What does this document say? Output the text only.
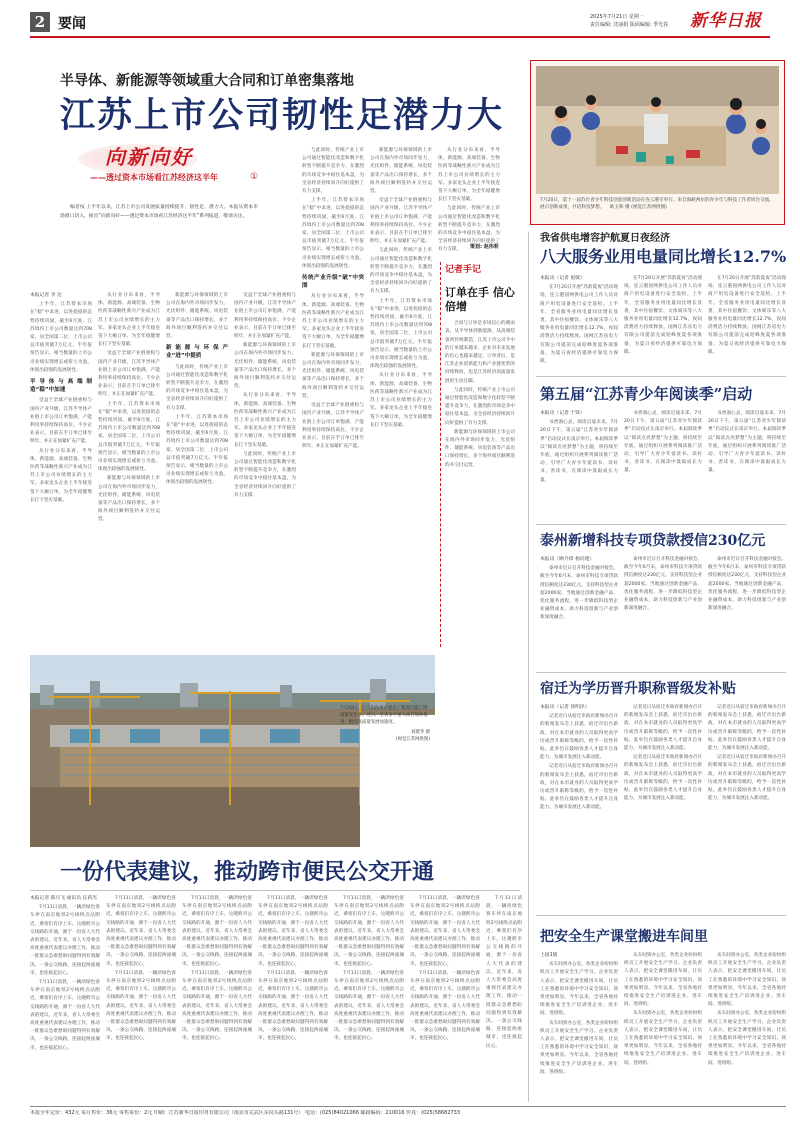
2 要闻	2025年7月21日 星期一
责任编辑: 沈丽娟 版面编辑: 季光春 新华日报
半导体、新能源等领域重大合同和订单密集落地
江苏上市公司韧性足潜力大
向新向好
——透过资本市场看江苏经济这半年	①

编者按 上半年以来，江苏上市公司发展质量持续提升，韧性足、潜力大。本报从资本市场窗口切入，推出“向新向好——透过资本市场看江苏经济这半年”系列报道，敬请关注。

本报记者 李 达

上半年，江苏资本市场在“稳”中求进，以进促稳的态势持续巩固。截至6月底，江苏境内上市公司数量达到708家，居全国第二位，上市公司总市值突破7万亿元。半年报预告显示，相当数量的上市公司业绩实现增长或扭亏为盈，体现出较强的发展韧性。

半导体与高端制造“稳”中加速

受益于全球产业链重构与国内产业升级，江苏半导体产业链上市公司订单饱满，产能利用率持续保持高位。不少企业表示，目前在手订单已排至明年，并正在加紧扩充产能。

从行业分布来看，半导体、新能源、高端装备、生物医药等战略性新兴产业成为江苏上市公司业绩增长的主力军。多家龙头企业上半年接连签下大额订单，为全年稳健增长打下坚实基础。

从行业分布来看，半导体、新能源、高端装备、生物医药等战略性新兴产业成为江苏上市公司业绩增长的主力军。多家龙头企业上半年接连签下大额订单，为全年稳健增长打下坚实基础。

受益于全球产业链重构与国内产业升级，江苏半导体产业链上市公司订单饱满，产能利用率持续保持高位。不少企业表示，目前在手订单已排至明年，并正在加紧扩充产能。

上半年，江苏资本市场在“稳”中求进，以进促稳的态势持续巩固。截至6月底，江苏境内上市公司数量达到708家，居全国第二位，上市公司总市值突破7万亿元。半年报预告显示，相当数量的上市公司业绩实现增长或扭亏为盈，体现出较强的发展韧性。

新能源与环保领域的上市公司在海内外市场同步发力，光伏组件、储能系统、风电装备等产品出口保持增长，多个海外项目顺利签约并交付运营。

新能源与环保领域的上市公司在海内外市场同步发力，光伏组件、储能系统、风电装备等产品出口保持增长，多个海外项目顺利签约并交付运营。

新能源与环保产业“进”中提质

与此同时，传统产业上市公司通过智能化改造和数字化转型不断提升竞争力，在激烈的市场竞争中稳住基本盘，为全省经济持续回升向好提供了有力支撑。

上半年，江苏资本市场在“稳”中求进，以进促稳的态势持续巩固。截至6月底，江苏境内上市公司数量达到708家，居全国第二位，上市公司总市值突破7万亿元。半年报预告显示，相当数量的上市公司业绩实现增长或扭亏为盈，体现出较强的发展韧性。

受益于全球产业链重构与国内产业升级，江苏半导体产业链上市公司订单饱满，产能利用率持续保持高位。不少企业表示，目前在手订单已排至明年，并正在加紧扩充产能。

新能源与环保领域的上市公司在海内外市场同步发力，光伏组件、储能系统、风电装备等产品出口保持增长，多个海外项目顺利签约并交付运营。

从行业分布来看，半导体、新能源、高端装备、生物医药等战略性新兴产业成为江苏上市公司业绩增长的主力军。多家龙头企业上半年接连签下大额订单，为全年稳健增长打下坚实基础。

与此同时，传统产业上市公司通过智能化改造和数字化转型不断提升竞争力，在激烈的市场竞争中稳住基本盘，为全省经济持续回升向好提供了有力支撑。

与此同时，传统产业上市公司通过智能化改造和数字化转型不断提升竞争力，在激烈的市场竞争中稳住基本盘，为全省经济持续回升向好提供了有力支撑。

上半年，江苏资本市场在“稳”中求进，以进促稳的态势持续巩固。截至6月底，江苏境内上市公司数量达到708家，居全国第二位，上市公司总市值突破7万亿元。半年报预告显示，相当数量的上市公司业绩实现增长或扭亏为盈，体现出较强的发展韧性。

传统产业升级“破”中突围

从行业分布来看，半导体、新能源、高端装备、生物医药等战略性新兴产业成为江苏上市公司业绩增长的主力军。多家龙头企业上半年接连签下大额订单，为全年稳健增长打下坚实基础。

新能源与环保领域的上市公司在海内外市场同步发力，光伏组件、储能系统、风电装备等产品出口保持增长，多个海外项目顺利签约并交付运营。

受益于全球产业链重构与国内产业升级，江苏半导体产业链上市公司订单饱满，产能利用率持续保持高位。不少企业表示，目前在手订单已排至明年，并正在加紧扩充产能。

新能源与环保领域的上市公司在海内外市场同步发力，光伏组件、储能系统、风电装备等产品出口保持增长，多个海外项目顺利签约并交付运营。

受益于全球产业链重构与国内产业升级，江苏半导体产业链上市公司订单饱满，产能利用率持续保持高位。不少企业表示，目前在手订单已排至明年，并正在加紧扩充产能。

与此同时，传统产业上市公司通过智能化改造和数字化转型不断提升竞争力，在激烈的市场竞争中稳住基本盘，为全省经济持续回升向好提供了有力支撑。

上半年，江苏资本市场在“稳”中求进，以进促稳的态势持续巩固。截至6月底，江苏境内上市公司数量达到708家，居全国第二位，上市公司总市值突破7万亿元。半年报预告显示，相当数量的上市公司业绩实现增长或扭亏为盈，体现出较强的发展韧性。

从行业分布来看，半导体、新能源、高端装备、生物医药等战略性新兴产业成为江苏上市公司业绩增长的主力军。多家龙头企业上半年接连签下大额订单，为全年稳健增长打下坚实基础。

从行业分布来看，半导体、新能源、高端装备、生物医药等战略性新兴产业成为江苏上市公司业绩增长的主力军。多家龙头企业上半年接连签下大额订单，为全年稳健增长打下坚实基础。

与此同时，传统产业上市公司通过智能化改造和数字化转型不断提升竞争力，在激烈的市场竞争中稳住基本盘，为全省经济持续回升向好提供了有力支撑。	策划: 赵伟莉
记者手记
订单在手 信心倍增

合同与订单是市场信心的晴雨表。从半导体到新能源，从高端装备到传统制造，江苏上市公司手中的订单越来越多，企业对未来发展的信心也越来越足。订单背后，是江苏企业创新能力和产业链优势的持续释放，也是江苏经济高质量发展的生动注脚。

与此同时，传统产业上市公司通过智能化改造和数字化转型不断提升竞争力，在激烈的市场竞争中稳住基本盘，为全省经济持续回升向好提供了有力支撑。

新能源与环保领域的上市公司在海内外市场同步发力，光伏组件、储能系统、风电装备等产品出口保持增长，多个海外项目顺利签约并交付运营。

7月20日，工人们在南京重点工程项目施工现场紧张作业。近日，全省多个重大项目加快推进，跑出高质量发展加速度。
刘建华 摄
(视觉江苏网供图)
7月20日，第十一届苏台青少年科技创意创新活动在连云港市举行。来自海峡两岸的青少年与科技工作者同台交流，展示创新成果，共话科技梦想。 耿玉和 摄 (视觉江苏网供图)
我省供电增容护航夏日夜经济
八大服务业用电量同比增长12.7%

本报讯（记者 倪敏）

在7月20日开展“苏韵夏夜”活动现场，连云港国网供电公司工作人员对商户用电设备进行安全巡检。上半年，全省服务业用电量同比增长显著，其中住宿餐饮、文体娱乐等八大服务业用电量同比增长12.7%，夜间消费活力持续释放。国网江苏省电力有限公司提前完成迎峰度夏各项准备，为夏日夜经济提供可靠电力保障。

在7月20日开展“苏韵夏夜”活动现场，连云港国网供电公司工作人员对商户用电设备进行安全巡检。上半年，全省服务业用电量同比增长显著，其中住宿餐饮、文体娱乐等八大服务业用电量同比增长12.7%，夜间消费活力持续释放。国网江苏省电力有限公司提前完成迎峰度夏各项准备，为夏日夜经济提供可靠电力保障。

在7月20日开展“苏韵夏夜”活动现场，连云港国网供电公司工作人员对商户用电设备进行安全巡检。上半年，全省服务业用电量同比增长显著，其中住宿餐饮、文体娱乐等八大服务业用电量同比增长12.7%，夜间消费活力持续释放。国网江苏省电力有限公司提前完成迎峰度夏各项准备，为夏日夜经济提供可靠电力保障。

第五届“江苏青少年阅读季”启动

本报讯（记者 于锋）

书香润心灵，阅读启迪未来。7月20日下午，第五届“江苏青少年阅读季”启动仪式在南京举行。本届阅读季以“阅读点亮梦想”为主题，将持续至年底，通过组织开展系列阅读推广活动，引导广大青少年爱读书、读好书、善读书，在阅读中汲取成长力量。

书香润心灵，阅读启迪未来。7月20日下午，第五届“江苏青少年阅读季”启动仪式在南京举行。本届阅读季以“阅读点亮梦想”为主题，将持续至年底，通过组织开展系列阅读推广活动，引导广大青少年爱读书、读好书、善读书，在阅读中汲取成长力量。

书香润心灵，阅读启迪未来。7月20日下午，第五届“江苏青少年阅读季”启动仪式在南京举行。本届阅读季以“阅读点亮梦想”为主题，将持续至年底，通过组织开展系列阅读推广活动，引导广大青少年爱读书、读好书、善读书，在阅读中汲取成长力量。

泰州新增科技专项贷款授信230亿元

本报讯（顾介锋 杨同建）

泰州市近日召开科技金融对接会。截至今年6月末，泰州市科技专项贷款授信额度达230亿元，支持科技型企业超2000家。当地通过创新金融产品、优化服务流程，进一步降低科技型企业融资成本，助力科技创新与产业创新深度融合。

泰州市近日召开科技金融对接会。截至今年6月末，泰州市科技专项贷款授信额度达230亿元，支持科技型企业超2000家。当地通过创新金融产品、优化服务流程，进一步降低科技型企业融资成本，助力科技创新与产业创新深度融合。

泰州市近日召开科技金融对接会。截至今年6月末，泰州市科技专项贷款授信额度达230亿元，支持科技型企业超2000家。当地通过创新金融产品、优化服务流程，进一步降低科技型企业融资成本，助力科技创新与产业创新深度融合。

宿迁为学历晋升职称晋级发补贴

本报讯（记者 徐明泽）

记者近日从宿迁市政府新闻办召开的新闻发布会上获悉，宿迁市出台新政，对在本市就业的人员取得更高学历或晋升职称等级的，给予一次性补贴。此举旨在鼓励各类人才提升自身能力，为城市发展注入新动能。

记者近日从宿迁市政府新闻办召开的新闻发布会上获悉，宿迁市出台新政，对在本市就业的人员取得更高学历或晋升职称等级的，给予一次性补贴。此举旨在鼓励各类人才提升自身能力，为城市发展注入新动能。

记者近日从宿迁市政府新闻办召开的新闻发布会上获悉，宿迁市出台新政，对在本市就业的人员取得更高学历或晋升职称等级的，给予一次性补贴。此举旨在鼓励各类人才提升自身能力，为城市发展注入新动能。

记者近日从宿迁市政府新闻办召开的新闻发布会上获悉，宿迁市出台新政，对在本市就业的人员取得更高学历或晋升职称等级的，给予一次性补贴。此举旨在鼓励各类人才提升自身能力，为城市发展注入新动能。

记者近日从宿迁市政府新闻办召开的新闻发布会上获悉，宿迁市出台新政，对在本市就业的人员取得更高学历或晋升职称等级的，给予一次性补贴。此举旨在鼓励各类人才提升自身能力，为城市发展注入新动能。

记者近日从宿迁市政府新闻办召开的新闻发布会上获悉，宿迁市出台新政，对在本市就业的人员取得更高学历或晋升职称等级的，给予一次性补贴。此举旨在鼓励各类人才提升自身能力，为城市发展注入新动能。

把安全生产课堂搬进车间里

上接1版

从车间到办公室，各类企业纷纷组织员工开展安全生产学习。企业负责人表示，把安全课堂搬进车间，让员工在熟悉的环境中学习安全知识，效果更加明显。今年以来，全省各地持续推进安全生产培训进企业、进车间、进班组。

从车间到办公室，各类企业纷纷组织员工开展安全生产学习。企业负责人表示，把安全课堂搬进车间，让员工在熟悉的环境中学习安全知识，效果更加明显。今年以来，全省各地持续推进安全生产培训进企业、进车间、进班组。

从车间到办公室，各类企业纷纷组织员工开展安全生产学习。企业负责人表示，把安全课堂搬进车间，让员工在熟悉的环境中学习安全知识，效果更加明显。今年以来，全省各地持续推进安全生产培训进企业、进车间、进班组。

从车间到办公室，各类企业纷纷组织员工开展安全生产学习。企业负责人表示，把安全课堂搬进车间，让员工在熟悉的环境中学习安全知识，效果更加明显。今年以来，全省各地持续推进安全生产培训进企业、进车间、进班组。

从车间到办公室，各类企业纷纷组织员工开展安全生产学习。企业负责人表示，把安全课堂搬进车间，让员工在熟悉的环境中学习安全知识，效果更加明显。今年以来，全省各地持续推进安全生产培训进企业、进车间、进班组。

从车间到办公室，各类企业纷纷组织员工开展安全生产学习。企业负责人表示，把安全课堂搬进车间，让员工在熟悉的环境中学习安全知识，效果更加明显。今年以来，全省各地持续推进安全生产培训进企业、进车间、进班组。

一份代表建议，推动跨市便民公交开通

本报记者 陈月飞 通讯员 任莉杰

7月11日清晨，一辆淡绿色客车停在南京地铁2号线终点站附近，乘客们有序上车。这趟跨市公交线路的开通，源于一份省人大代表的建议。近年来，省人大常委会高度重视代表建议办理工作，推动一批群众急难愁盼问题得到有效解决。一条公交线路，连接起两座城市，也连接起民心。

7月11日清晨，一辆淡绿色客车停在南京地铁2号线终点站附近，乘客们有序上车。这趟跨市公交线路的开通，源于一份省人大代表的建议。近年来，省人大常委会高度重视代表建议办理工作，推动一批群众急难愁盼问题得到有效解决。一条公交线路，连接起两座城市，也连接起民心。

7月11日清晨，一辆淡绿色客车停在南京地铁2号线终点站附近，乘客们有序上车。这趟跨市公交线路的开通，源于一份省人大代表的建议。近年来，省人大常委会高度重视代表建议办理工作，推动一批群众急难愁盼问题得到有效解决。一条公交线路，连接起两座城市，也连接起民心。

7月11日清晨，一辆淡绿色客车停在南京地铁2号线终点站附近，乘客们有序上车。这趟跨市公交线路的开通，源于一份省人大代表的建议。近年来，省人大常委会高度重视代表建议办理工作，推动一批群众急难愁盼问题得到有效解决。一条公交线路，连接起两座城市，也连接起民心。

7月11日清晨，一辆淡绿色客车停在南京地铁2号线终点站附近，乘客们有序上车。这趟跨市公交线路的开通，源于一份省人大代表的建议。近年来，省人大常委会高度重视代表建议办理工作，推动一批群众急难愁盼问题得到有效解决。一条公交线路，连接起两座城市，也连接起民心。

7月11日清晨，一辆淡绿色客车停在南京地铁2号线终点站附近，乘客们有序上车。这趟跨市公交线路的开通，源于一份省人大代表的建议。近年来，省人大常委会高度重视代表建议办理工作，推动一批群众急难愁盼问题得到有效解决。一条公交线路，连接起两座城市，也连接起民心。

7月11日清晨，一辆淡绿色客车停在南京地铁2号线终点站附近，乘客们有序上车。这趟跨市公交线路的开通，源于一份省人大代表的建议。近年来，省人大常委会高度重视代表建议办理工作，推动一批群众急难愁盼问题得到有效解决。一条公交线路，连接起两座城市，也连接起民心。

7月11日清晨，一辆淡绿色客车停在南京地铁2号线终点站附近，乘客们有序上车。这趟跨市公交线路的开通，源于一份省人大代表的建议。近年来，省人大常委会高度重视代表建议办理工作，推动一批群众急难愁盼问题得到有效解决。一条公交线路，连接起两座城市，也连接起民心。

7月11日清晨，一辆淡绿色客车停在南京地铁2号线终点站附近，乘客们有序上车。这趟跨市公交线路的开通，源于一份省人大代表的建议。近年来，省人大常委会高度重视代表建议办理工作，推动一批群众急难愁盼问题得到有效解决。一条公交线路，连接起两座城市，也连接起民心。

7月11日清晨，一辆淡绿色客车停在南京地铁2号线终点站附近，乘客们有序上车。这趟跨市公交线路的开通，源于一份省人大代表的建议。近年来，省人大常委会高度重视代表建议办理工作，推动一批群众急难愁盼问题得到有效解决。一条公交线路，连接起两座城市，也连接起民心。

7月11日清晨，一辆淡绿色客车停在南京地铁2号线终点站附近，乘客们有序上车。这趟跨市公交线路的开通，源于一份省人大代表的建议。近年来，省人大常委会高度重视代表建议办理工作，推动一批群众急难愁盼问题得到有效解决。一条公交线路，连接起两座城市，也连接起民心。

7月11日清晨，一辆淡绿色客车停在南京地铁2号线终点站附近，乘客们有序上车。这趟跨市公交线路的开通，源于一份省人大代表的建议。近年来，省人大常委会高度重视代表建议办理工作，推动一批群众急难愁盼问题得到有效解决。一条公交线路，连接起两座城市，也连接起民心。

7月11日清晨，一辆淡绿色客车停在南京地铁2号线终点站附近，乘客们有序上车。这趟跨市公交线路的开通，源于一份省人大代表的建议。近年来，省人大常委会高度重视代表建议办理工作，推动一批群众急难愁盼问题得到有效解决。一条公交线路，连接起两座城市，也连接起民心。

本报全年定价：432元 每月售价：36元 零售每份：2元 印刷：江苏新华日报印务有限公司（南京市玄武区东岗头路131号） 电话：(025)84021066 邮政编码：210016 传真：(025)58682733
